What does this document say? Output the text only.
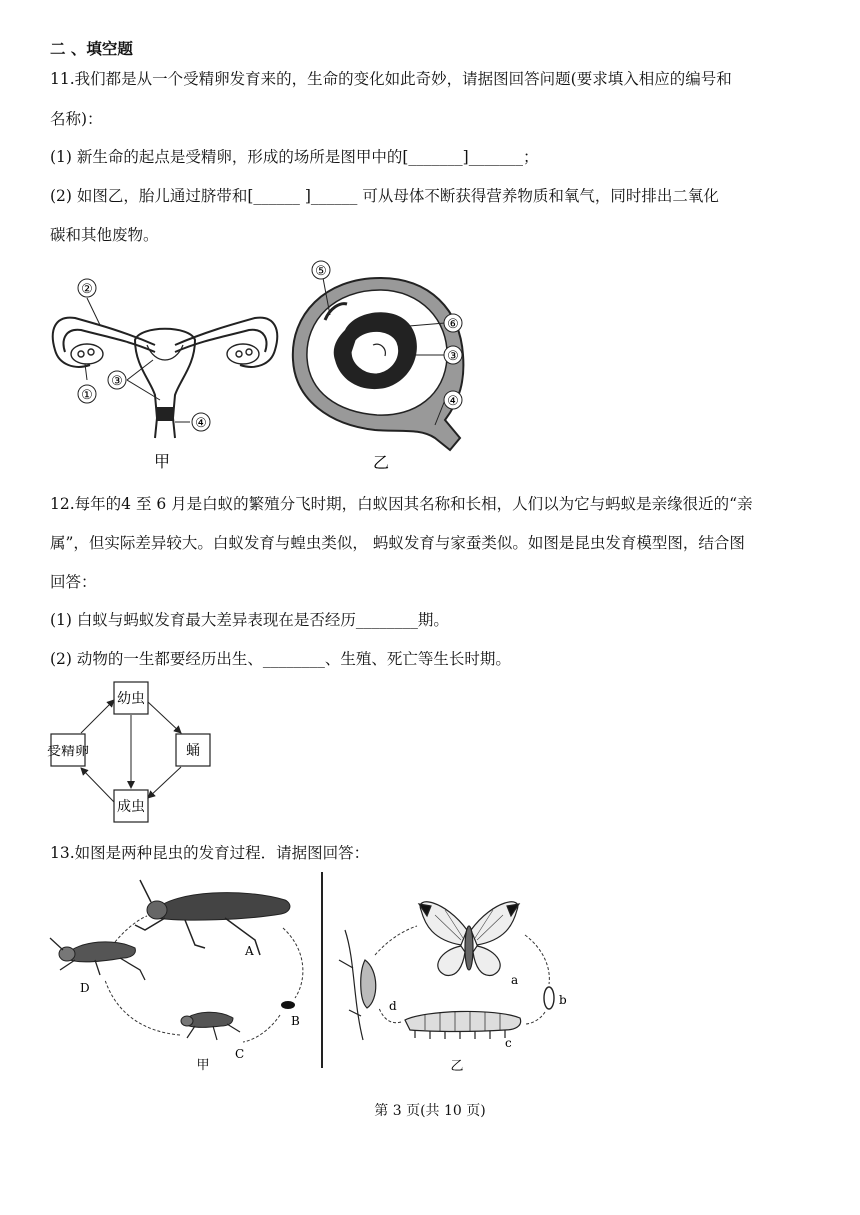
二 、填空题
11.我们都是从一个受精卵发育来的，生命的变化如此奇妙，请据图回答问题(要求填入相应的编号和
名称)：
(1) 新生命的起点是受精卵，形成的场所是图甲中的[_______]_______；
(2) 如图乙，胎儿通过脐带和[______ ]______ 可从母体不断获得营养物质和氧气，同时排出二氧化
碳和其他废物。
②
①
③
④
甲
⑤
⑥
③
④
乙
12.每年的4 至 6 月是白蚁的繁殖分飞时期，白蚁因其名称和长相，人们以为它与蚂蚁是亲缘很近的“亲
属”，但实际差异较大。白蚁发育与蝗虫类似， 蚂蚁发育与家蚕类似。如图是昆虫发育模型图，结合图
回答：
(1) 白蚁与蚂蚁发育最大差异表现在是否经历________期。
(2) 动物的一生都要经历出生、________、生殖、死亡等生长时期。
幼虫
蛹
成虫
受精卵
13.如图是两种昆虫的发育过程．请据图回答：
A
B
C
D
甲
a
b
c
d
乙
第 3 页(共 10 页)
